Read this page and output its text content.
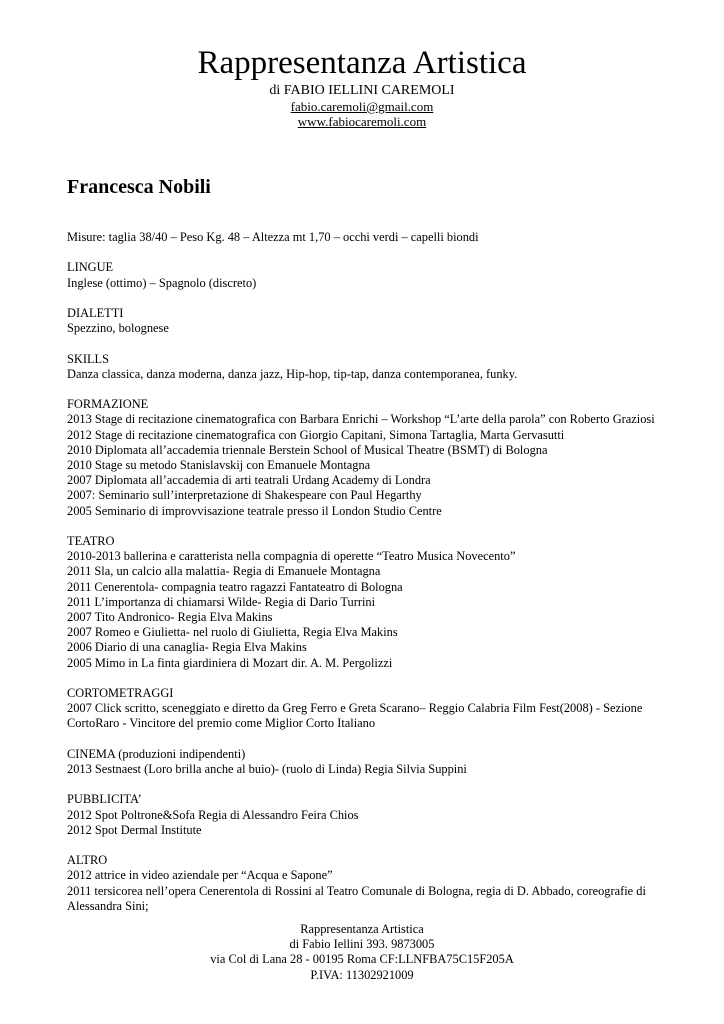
Rappresentanza Artistica
di FABIO IELLINI CAREMOLI
fabio.caremoli@gmail.com
www.fabiocaremoli.com
Francesca Nobili

Misure: taglia 38/40 – Peso Kg. 48 – Altezza mt 1,70 – occhi verdi – capelli biondi

LINGUE
Inglese (ottimo) – Spagnolo (discreto)
DIALETTI
Spezzino, bolognese
SKILLS
Danza classica, danza moderna, danza jazz, Hip-hop, tip-tap, danza contemporanea, funky.
FORMAZIONE
2013 Stage di recitazione cinematografica con Barbara Enrichi – Workshop “L’arte della parola” con Roberto Graziosi
2012 Stage di recitazione cinematografica con Giorgio Capitani, Simona Tartaglia, Marta Gervasutti
2010 Diplomata all’accademia triennale Berstein School of Musical Theatre (BSMT) di Bologna
2010 Stage su metodo Stanislavskij con Emanuele Montagna
2007 Diplomata all’accademia di arti teatrali Urdang Academy di Londra
2007: Seminario sull’interpretazione di Shakespeare con Paul Hegarthy
2005 Seminario di improvvisazione teatrale presso il London Studio Centre
TEATRO
2010-2013 ballerina e caratterista nella compagnia di operette “Teatro Musica Novecento”
2011 Sla, un calcio alla malattia- Regia di Emanuele Montagna
2011 Cenerentola- compagnia teatro ragazzi Fantateatro di Bologna
2011 L’importanza di chiamarsi Wilde- Regia di Dario Turrini
2007 Tito Andronico- Regia Elva Makins
2007 Romeo e Giulietta- nel ruolo di Giulietta, Regia Elva Makins
2006 Diario di una canaglia- Regia Elva Makins
2005 Mimo in La finta giardiniera di Mozart dir. A. M. Pergolizzi
CORTOMETRAGGI
2007 Click scritto, sceneggiato e diretto da Greg Ferro e Greta Scarano– Reggio Calabria Film Fest(2008) - Sezione
CortoRaro - Vincitore del premio come Miglior Corto Italiano
CINEMA (produzioni indipendenti)
2013 Sestnaest (Loro brilla anche al buio)- (ruolo di Linda) Regia Silvia Suppini
PUBBLICITA’
2012 Spot Poltrone&Sofa Regia di Alessandro Feira Chios
2012 Spot Dermal Institute
ALTRO
2012 attrice in video aziendale per “Acqua e Sapone”
2011 tersicorea nell’opera Cenerentola di Rossini al Teatro Comunale di Bologna, regia di D. Abbado, coreografie di
Alessandra Sini;
Rappresentanza Artistica
di Fabio Iellini 393. 9873005
via Col di Lana 28 - 00195 Roma CF:LLNFBA75C15F205A
P.IVA: 11302921009
